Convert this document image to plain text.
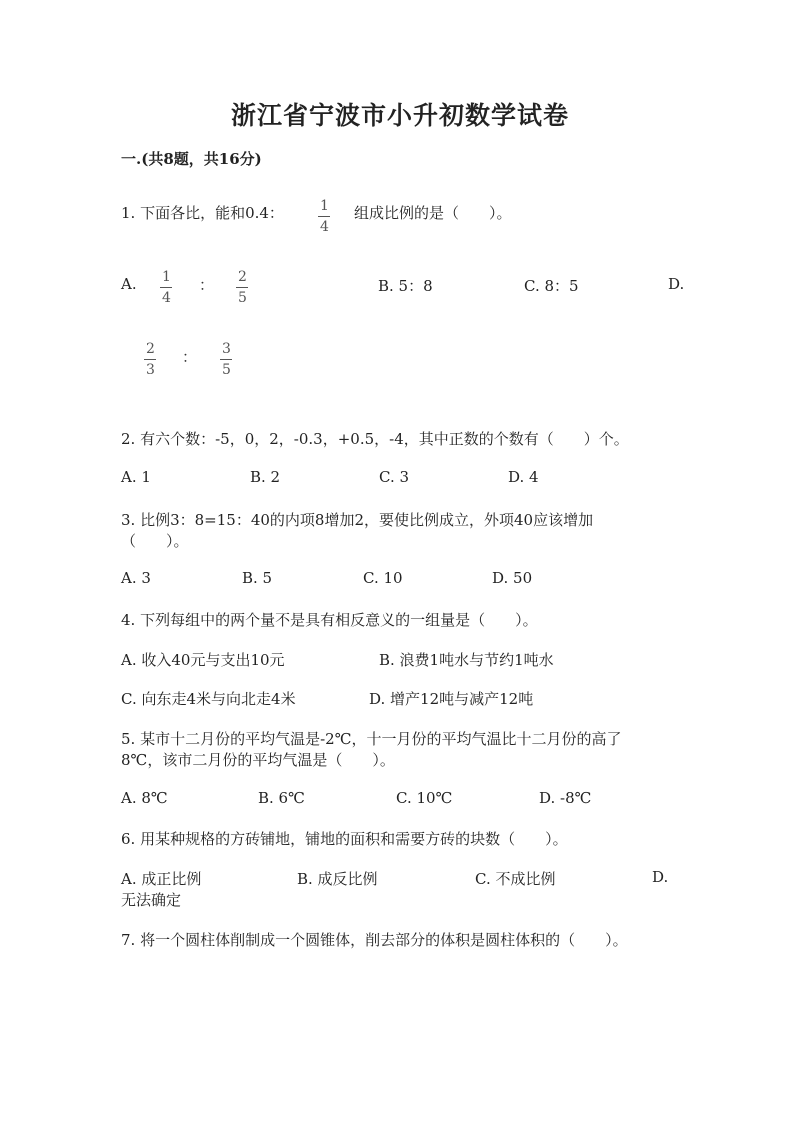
浙江省宁波市小升初数学试卷
一.(共8题，共16分)
1. 下面各比，能和0.4：	1
4
组成比例的是（　　）。
A. 1
4
： 2
5
B. 5：8	C. 8：5	D.
2
3
： 3
5
2. 有六个数：-5，0，2，-0.3，+0.5，-4，其中正数的个数有（　　）个。
A. 1	B. 2	C. 3	D. 4
3. 比例3：8=15：40的内项8增加2，要使比例成立，外项40应该增加
（　　）。
A. 3	B. 5	C. 10	D. 50
4. 下列每组中的两个量不是具有相反意义的一组量是（　　）。
A. 收入40元与支出10元	B. 浪费1吨水与节约1吨水
C. 向东走4米与向北走4米	D. 增产12吨与减产12吨
5. 某市十二月份的平均气温是-2℃，十一月份的平均气温比十二月份的高了
8℃，该市二月份的平均气温是（　　）。
A. 8℃	B. 6℃	C. 10℃	D. -8℃
6. 用某种规格的方砖铺地，铺地的面积和需要方砖的块数（　　）。
A. 成正比例	B. 成反比例	C. 不成比例	D.
无法确定
7. 将一个圆柱体削制成一个圆锥体，削去部分的体积是圆柱体积的（　　）。
